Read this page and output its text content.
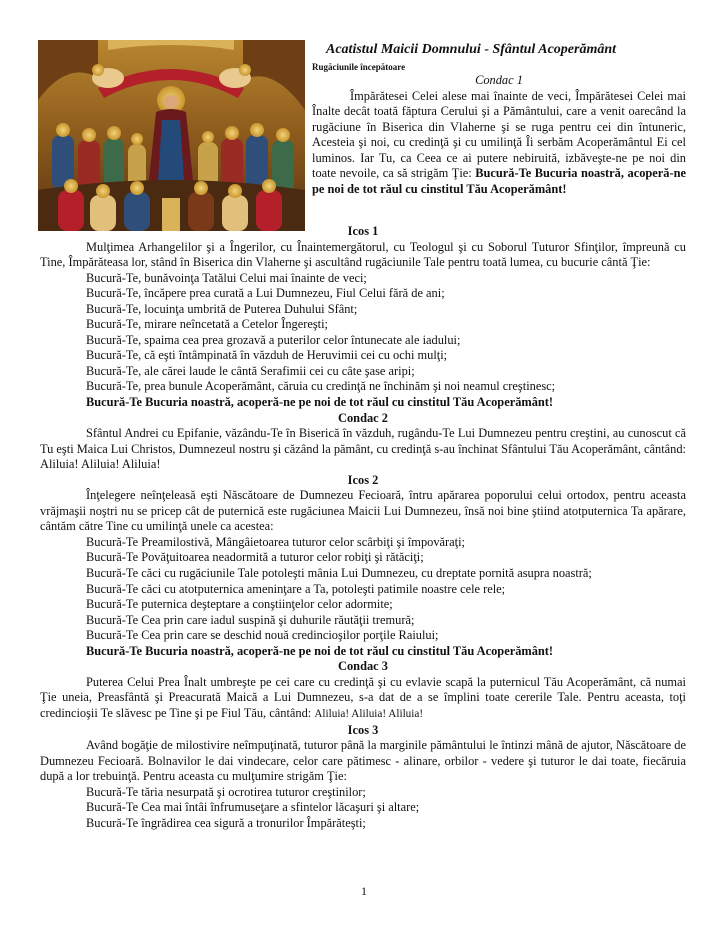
Acatistul Maicii Domnului - Sfântul Acoperământ
Rugăciunile începătoare

Condac 1

Împărătesei Celei alese mai înainte de veci, Împărătesei Celei mai Înalte decât toată făptura Cerului şi a Pământului, care a venit oarecând la rugăciune în Biserica din Vlaherne şi se ruga pentru cei din întuneric, Acesteia şi noi, cu credinţă şi cu umilinţă Îi serbăm Acoperământul Ei cel luminos. Iar Tu, ca Ceea ce ai putere nebiruită, izbăveşte-ne pe noi din toate nevoile, ca să strigăm Ţie: Bucură-Te Bucuria noastră, acoperă-ne pe noi de tot răul cu cinstitul Tău Acoperământ!

Icos 1

Mulţimea Arhangelilor şi a Îngerilor, cu Înaintemergătorul, cu Teologul şi cu Soborul Tuturor Sfinţilor, împreună cu Tine, Împărăteasa lor, stând în Biserica din Vlaherne şi ascultând rugăciunile Tale pentru toată lumea, cu bucurie cântă Ţie:

Bucură-Te, bunăvoinţa Tatălui Celui mai înainte de veci;

Bucură-Te, încăpere prea curată a Lui Dumnezeu, Fiul Celui fără de ani;

Bucură-Te, locuinţa umbrită de Puterea Duhului Sfânt;

Bucură-Te, mirare neîncetată a Cetelor Îngereşti;

Bucură-Te, spaima cea prea grozavă a puterilor celor întunecate ale iadului;

Bucură-Te, că eşti întâmpinată în văzduh de Heruvimii cei cu ochi mulţi;

Bucură-Te, ale cărei laude le cântă Serafimii cei cu câte şase aripi;

Bucură-Te, prea bunule Acoperământ, căruia cu credinţă ne închinăm şi noi neamul creştinesc;

Bucură-Te Bucuria noastră, acoperă-ne pe noi de tot răul cu cinstitul Tău Acoperământ!

Condac 2

Sfântul Andrei cu Epifanie, văzându-Te în Biserică în văzduh, rugându-Te Lui Dumnezeu pentru creştini, au cunoscut că Tu eşti Maica Lui Christos, Dumnezeul nostru şi căzând la pământ, cu credinţă s-au închinat Sfântului Tău Acoperământ, cântând: Aliluia! Aliluia! Aliluia!

Icos 2

Înţelegere neînţeleasă eşti Născătoare de Dumnezeu Fecioară, întru apărarea poporului celui ortodox, pentru aceasta vrăjmaşii noştri nu se pricep cât de puternică este rugăciunea Maicii Lui Dumnezeu, însă noi bine ştiind atotputernica Ta apărare, cântăm către Tine cu umilinţă unele ca acestea:

Bucură-Te Preamilostivă, Mângâietoarea tuturor celor scârbiţi şi împovăraţi;

Bucură-Te Povăţuitoarea neadormită a tuturor celor robiţi şi rătăciţi;

Bucură-Te căci cu rugăciunile Tale potoleşti mânia Lui Dumnezeu, cu dreptate pornită asupra noastră;

Bucură-Te căci cu atotputernica ameninţare a Ta, potoleşti patimile noastre cele rele;

Bucură-Te puternica deşteptare a conştiinţelor celor adormite;

Bucură-Te Cea prin care iadul suspină şi duhurile răutăţii tremură;

Bucură-Te Cea prin care se deschid nouă credincioşilor porţile Raiului;

Bucură-Te Bucuria noastră, acoperă-ne pe noi de tot răul cu cinstitul Tău Acoperământ!

Condac 3

Puterea Celui Prea Înalt umbreşte pe cei care cu credinţă şi cu evlavie scapă la puternicul Tău Acoperământ, că numai Ţie uneia, Preasfântă şi Preacurată Maică a Lui Dumnezeu, s-a dat de a se împlini toate cererile Tale. Pentru aceasta, toţi credincioşii Te slăvesc pe Tine şi pe Fiul Tău, cântând: Aliluia! Aliluia! Aliluia!

Icos 3

Având bogăţie de milostivire neîmpuţinată, tuturor până la marginile pământului le întinzi mână de ajutor, Născătoare de Dumnezeu Fecioară. Bolnavilor le dai vindecare, celor care pătimesc - alinare, orbilor - vedere şi tuturor le dai toate, fiecăruia după a lor trebuinţă. Pentru aceasta cu mulţumire strigăm Ţie:

Bucură-Te tăria nesurpată şi ocrotirea tuturor creştinilor;

Bucură-Te Cea mai întâi înfrumuseţare a sfintelor lăcaşuri şi altare;

Bucură-Te îngrădirea cea sigură a tronurilor Împărăteşti;

1
